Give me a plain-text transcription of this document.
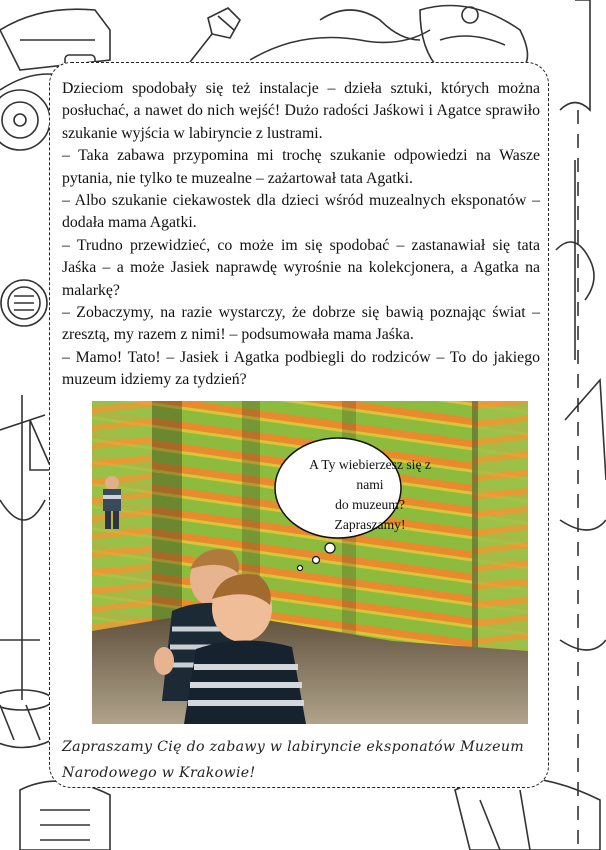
Dzieciom spodobały się też instalacje – dzieła sztuki, których można posłuchać, a nawet do nich wejść! Dużo radości Jaśkowi i Agatce sprawiło szukanie wyjścia w labiryncie z lustrami.

– Taka zabawa przypomina mi trochę szukanie odpowiedzi na Wasze pytania, nie tylko te muzealne – zażartował tata Agatki.

– Albo szukanie ciekawostek dla dzieci wśród muzealnych eksponatów – dodała mama Agatki.

– Trudno przewidzieć, co może im się spodobać – zastanawiał się tata Jaśka – a może Jasiek naprawdę wyrośnie na kolekcjonera, a Agatka na malarkę?

– Zobaczymy, na razie wystarczy, że dobrze się bawią poznając świat – zresztą, my razem z nimi! – podsumowała mama Jaśka.

– Mamo! Tato! – Jasiek i Agatka podbiegli do rodziców – To do jakiego muzeum idziemy za tydzień?

A Ty wiebierzesz się z nami
do muzeum?
Zapraszamy!
Zapraszamy Cię do zabawy w labiryncie eksponatów Muzeum
Narodowego w Krakowie!
